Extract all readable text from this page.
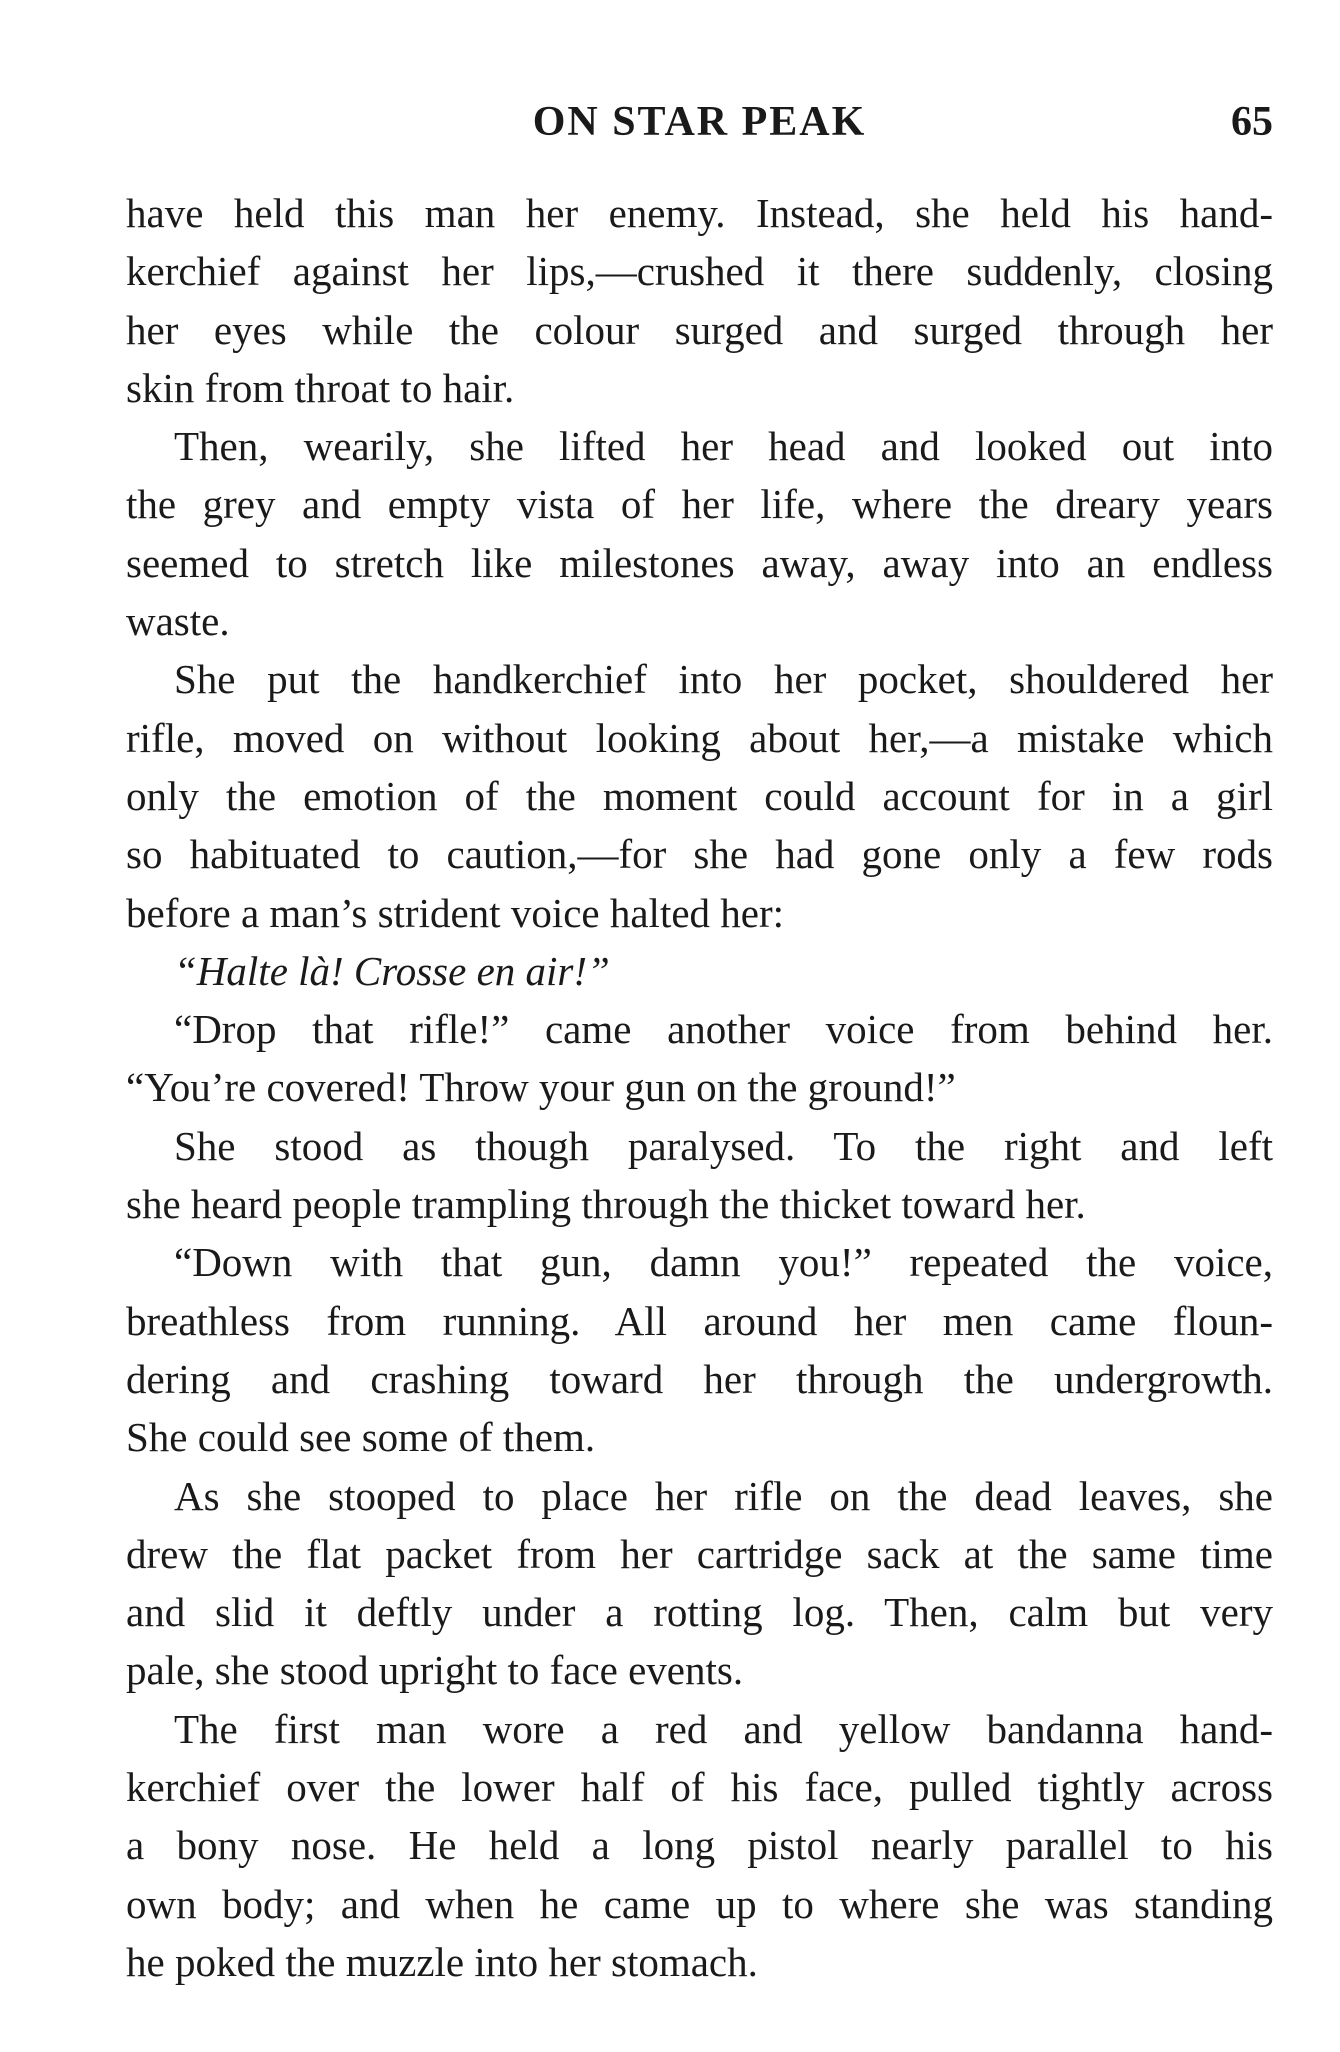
ON STAR PEAK	65
have held this man her enemy. Instead, she held his hand-
kerchief against her lips,—crushed it there suddenly, closing
her eyes while the colour surged and surged through her
skin from throat to hair.
Then, wearily, she lifted her head and looked out into
the grey and empty vista of her life, where the dreary years
seemed to stretch like milestones away, away into an endless
waste.
She put the handkerchief into her pocket, shouldered her
rifle, moved on without looking about her,—a mistake which
only the emotion of the moment could account for in a girl
so habituated to caution,—for she had gone only a few rods
before a man’s strident voice halted her:
“Halte là! Crosse en air!”
“Drop that rifle!” came another voice from behind her.
“You’re covered! Throw your gun on the ground!”
She stood as though paralysed. To the right and left
she heard people trampling through the thicket toward her.
“Down with that gun, damn you!” repeated the voice,
breathless from running. All around her men came floun-
dering and crashing toward her through the undergrowth.
She could see some of them.
As she stooped to place her rifle on the dead leaves, she
drew the flat packet from her cartridge sack at the same time
and slid it deftly under a rotting log. Then, calm but very
pale, she stood upright to face events.
The first man wore a red and yellow bandanna hand-
kerchief over the lower half of his face, pulled tightly across
a bony nose. He held a long pistol nearly parallel to his
own body; and when he came up to where she was standing
he poked the muzzle into her stomach.
